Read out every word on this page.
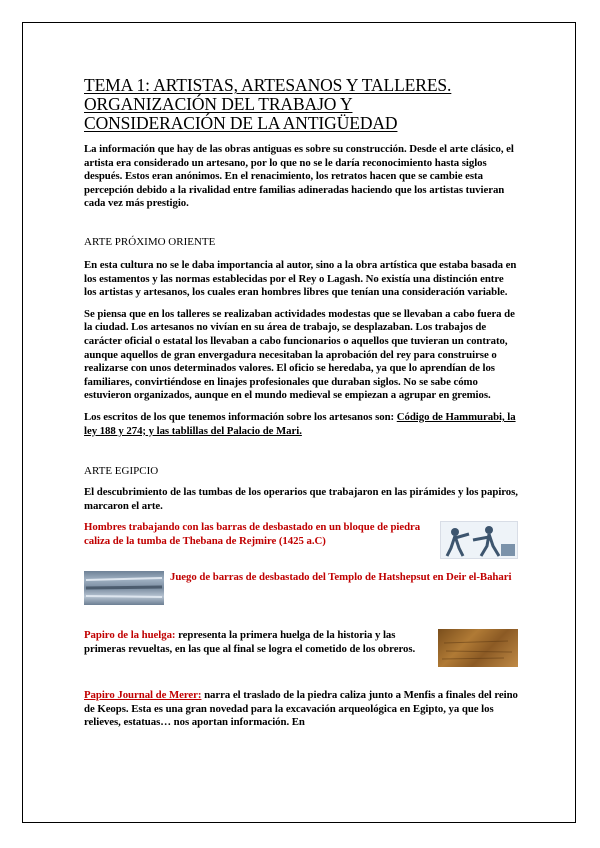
TEMA 1: ARTISTAS, ARTESANOS Y TALLERES.
ORGANIZACIÓN DEL TRABAJO Y
CONSIDERACIÓN DE LA ANTIGÜEDAD

La información que hay de las obras antiguas es sobre su construcción. Desde el arte clásico, el artista era considerado un artesano, por lo que no se le daría reconocimiento hasta siglos después. Estos eran anónimos. En el renacimiento, los retratos hacen que se cambie esta percepción debido a la rivalidad entre familias adineradas haciendo que los artistas tuvieran cada vez más prestigio.

ARTE PRÓXIMO ORIENTE

En esta cultura no se le daba importancia al autor, sino a la obra artística que estaba basada en los estamentos y las normas establecidas por el Rey o Lagash. No existía una distinción entre los artistas y artesanos, los cuales eran hombres libres que tenían una consideración variable.

Se piensa que en los talleres se realizaban actividades modestas que se llevaban a cabo fuera de la ciudad. Los artesanos no vivían en su área de trabajo, se desplazaban. Los trabajos de carácter oficial o estatal los llevaban a cabo funcionarios o aquellos que tuvieran un contrato, aunque aquellos de gran envergadura necesitaban la aprobación del rey para construirse o realizarse con unos determinados valores. El oficio se heredaba, ya que lo aprendían de los familiares, convirtiéndose en linajes profesionales que duraban siglos. No se sabe cómo estuvieron organizados, aunque en el mundo medieval se empiezan a agrupar en gremios.

Los escritos de los que tenemos información sobre los artesanos son: Código de Hammurabi, la ley 188 y 274; y las tablillas del Palacio de Mari.

ARTE EGIPCIO

El descubrimiento de las tumbas de los operarios que trabajaron en las pirámides y los papiros, marcaron el arte.

Hombres trabajando con las barras de desbastado en un bloque de piedra caliza de la tumba de Thebana de Rejmire (1425 a.C)

Juego de barras de desbastado del Templo de Hatshepsut en Deir el-Bahari

Papiro de la huelga: representa la primera huelga de la historia y las primeras revueltas, en las que al final se logra el cometido de los obreros.

Papiro Journal de Merer: narra el traslado de la piedra caliza junto a Menfis a finales del reino de Keops. Esta es una gran novedad para la excavación arqueológica en Egipto, ya que los relieves, estatuas… nos aportan información. En
